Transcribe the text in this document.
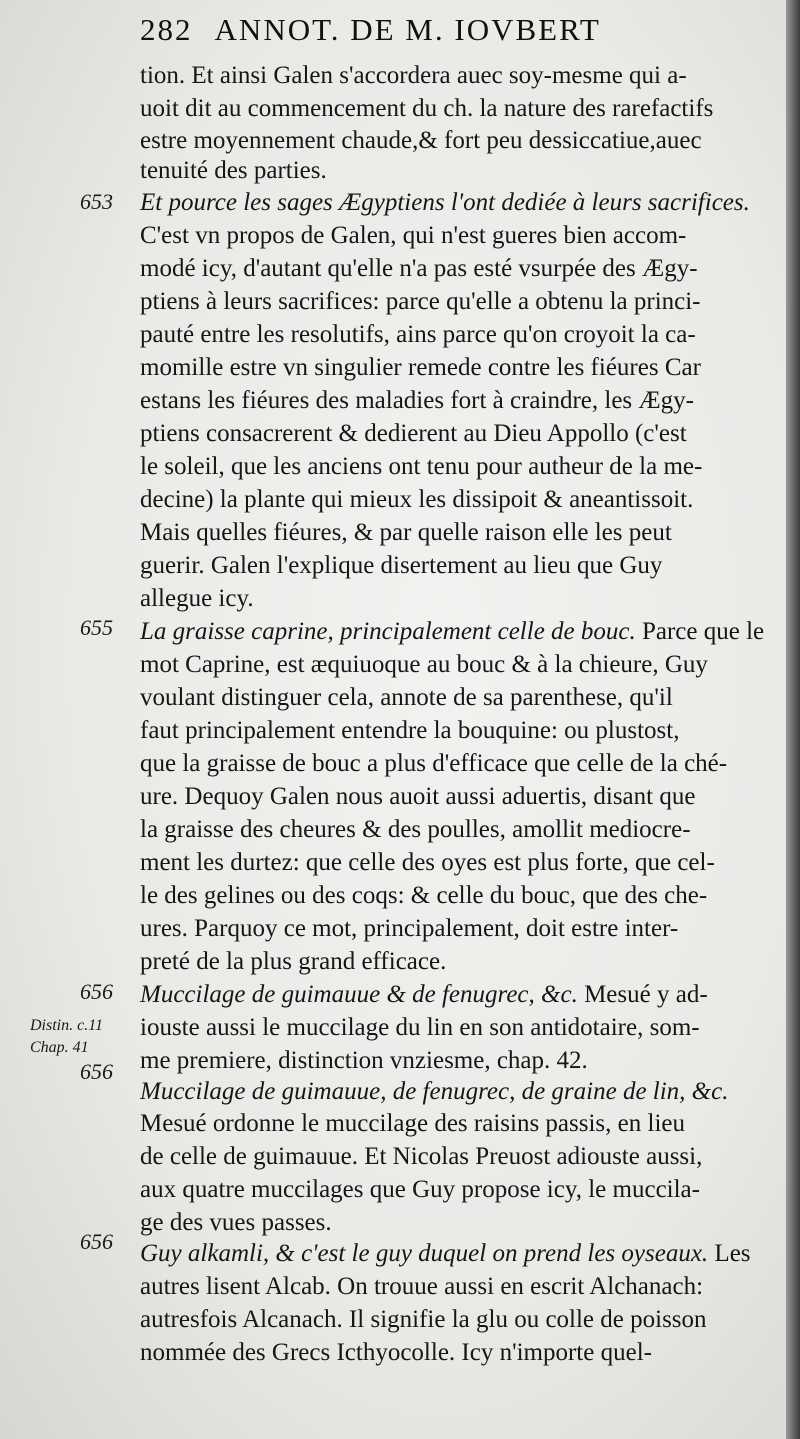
282 ANNOT. DE M. IOVBERT
653
655
656
656
656
Distin. c.11
Chap. 41
tion. Et ainsi Galen s'accordera auec soy-mesme qui a-
uoit dit au commencement du ch. la nature des rarefactifs
estre moyennement chaude,& fort peu dessiccatiue,auec
tenuité des parties.
Et pource les sages Ægyptiens l'ont dediée à leurs sacrifices.
C'est vn propos de Galen, qui n'est gueres bien accom-
modé icy, d'autant qu'elle n'a pas esté vsurpée des Ægy-
ptiens à leurs sacrifices: parce qu'elle a obtenu la princi-
pauté entre les resolutifs, ains parce qu'on croyoit la ca-
momille estre vn singulier remede contre les fiéures Car
estans les fiéures des maladies fort à craindre, les Ægy-
ptiens consacrerent & dedierent au Dieu Appollo (c'est
le soleil, que les anciens ont tenu pour autheur de la me-
decine) la plante qui mieux les dissipoit & aneantissoit.
Mais quelles fiéures, & par quelle raison elle les peut
guerir. Galen l'explique disertement au lieu que Guy
allegue icy.
La graisse caprine, principalement celle de bouc. Parce que le
mot Caprine, est æquiuoque au bouc & à la chieure, Guy
voulant distinguer cela, annote de sa parenthese, qu'il
faut principalement entendre la bouquine: ou plustost,
que la graisse de bouc a plus d'efficace que celle de la ché-
ure. Dequoy Galen nous auoit aussi aduertis, disant que
la graisse des cheures & des poulles, amollit mediocre-
ment les durtez: que celle des oyes est plus forte, que cel-
le des gelines ou des coqs: & celle du bouc, que des che-
ures. Parquoy ce mot, principalement, doit estre inter-
preté de la plus grand efficace.
Muccilage de guimauue & de fenugrec, &c. Mesué y ad-
iouste aussi le muccilage du lin en son antidotaire, som-
me premiere, distinction vnziesme, chap. 42.
Muccilage de guimauue, de fenugrec, de graine de lin, &c.
Mesué ordonne le muccilage des raisins passis, en lieu
de celle de guimauue. Et Nicolas Preuost adiouste aussi,
aux quatre muccilages que Guy propose icy, le muccila-
ge des vues passes.
Guy alkamli, & c'est le guy duquel on prend les oyseaux. Les
autres lisent Alcab. On trouue aussi en escrit Alchanach:
autresfois Alcanach. Il signifie la glu ou colle de poisson
nommée des Grecs Icthyocolle. Icy n'importe quel-
